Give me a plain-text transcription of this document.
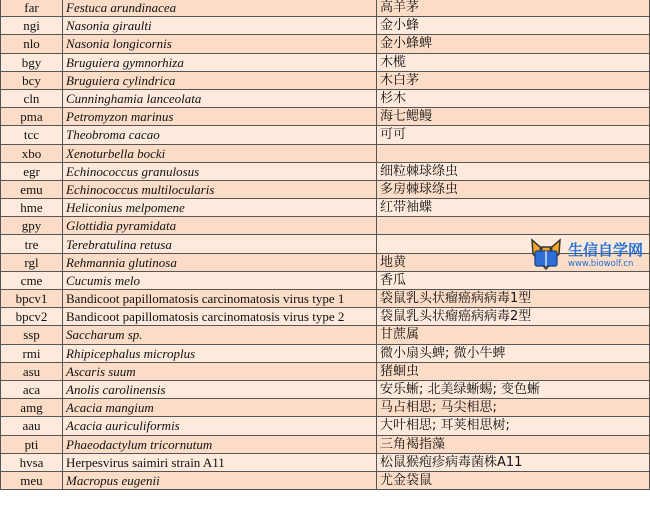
far	Festuca arundinacea	高羊茅
ngi	Nasonia giraulti	金小蜂
nlo	Nasonia longicornis	金小蜂蜱
bgy	Bruguiera gymnorhiza	木榄
bcy	Bruguiera cylindrica	木白茅
cln	Cunninghamia lanceolata	杉木
pma	Petromyzon marinus	海七鳃鳗
tcc	Theobroma cacao	可可
xbo	Xenoturbella bocki	
egr	Echinococcus granulosus	细粒棘球绦虫
emu	Echinococcus multilocularis	多房棘球绦虫
hme	Heliconius melpomene	红带袖蝶
gpy	Glottidia pyramidata	
tre	Terebratulina retusa	
rgl	Rehmannia glutinosa	地黄
cme	Cucumis melo	香瓜
bpcv1	Bandicoot papillomatosis carcinomatosis virus type 1	袋鼠乳头状瘤癌病病毒1型
bpcv2	Bandicoot papillomatosis carcinomatosis virus type 2	袋鼠乳头状瘤癌病病毒2型
ssp	Saccharum sp.	甘蔗属
rmi	Rhipicephalus microplus	微小扇头蜱; 微小牛蜱
asu	Ascaris suum	猪蛔虫
aca	Anolis carolinensis	安乐蜥; 北美绿蜥蜴; 变色蜥
amg	Acacia mangium	马占相思; 马尖相思;
aau	Acacia auriculiformis	大叶相思; 耳荚相思树;
pti	Phaeodactylum tricornutum	三角褐指藻
hvsa	Herpesvirus saimiri strain A11	松鼠猴疱疹病毒菌株A11
meu	Macropus eugenii	尤金袋鼠
生信自学网
www.biowolf.cn
